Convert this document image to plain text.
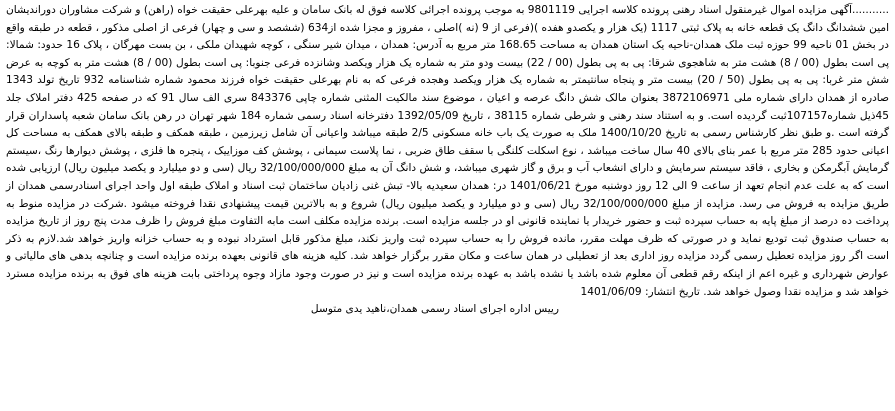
...........آگهی مزایده اموال غیرمنقول اسناد رهنی پرونده کلاسه اجرایی 9801119 به موجب پرونده اجرائی کلاسه فوق له بانک سامان و علیه بهرعلی حقیقت خواه (راهن) و شرکت مشاوران دوراندیشان امین ششدانگ دانگ یک قطعه خانه به پلاک ثبتی 1117 (یک هزار و یکصدو هفده )(فرعی از 9 (نه )اصلی ، مفروز و مجزا شده از634 (ششصد و سی و چهار) فرعی از اصلی مذکور ، قطعه در طبقه واقع در بخش 01 ناحیه 99 حوزه ثبت ملک همدان-ناحیه یک استان همدان به مساحت 168.65 متر مربع به آدرس: همدان ، میدان شیر سنگی ، کوچه شهیدان ملکی ، بن بست مهرگان ، پلاک 16 حدود: شمالا: پی است بطول (00 / 8) هشت متر به شاهجوی شرقا: پی به پی بطول (00 / 22) بیست ودو متر به شماره یک هزار ویکصد وشانزده فرعی جنوبا: پی است بطول (00 / 8) هشت متر به کوچه به عرض شش متر غربا: پی به پی بطول (50 / 20) بیست متر و پنجاه سانتیمتر به شماره یک هزار ویکصد وهجده فرعی که به نام بهرعلی حقیقت خواه فرزند محمود شماره شناسنامه 932 تاریخ تولد 1343 صادره از همدان دارای شماره ملی 3872106971 بعنوان مالک شش دانگ عرصه و اعیان ، موضوع سند مالکیت المثنی شماره چاپی 843376 سری الف سال 91 که در صفحه 425 دفتر املاک جلد 45ذیل شماره107157ثبت گردیده است. و به استناد سند رهنی و شرطی شماره 38115 ، تاریخ 1392/05/09 دفترخانه اسناد رسمی شماره 184 شهر تهران در رهن بانک سامان شعبه پاسداران قرار گرفته است .و طبق نظر کارشناس رسمی به تاریخ 1400/10/20 ملک به صورت یک باب خانه مسکونی 2/5 طبقه میباشد واعیانی آن شامل زیرزمین ، طبقه همکف و طبقه بالای همکف به مساحت کل اعیانی حدود 285 متر مربع با عمر بنای بالای 40 سال ساخت میباشد ، نوع اسکلت کلنگی با سقف طاق ضربی ، نما پلاست سیمانی ، پوشش کف موزاییک ، پنجره ها فلزی ، پوشش دیوارها رنگ ،سیستم گرمایش آبگرمکن و بخاری ، فاقد سیستم سرمایش و دارای انشعاب آب و برق و گاز شهری میباشد، و شش دانگ آن به مبلغ 32/100/000/000 ریال (سی و دو میلیارد و یکصد میلیون ریال) ارزیابی شده است که به علت عدم انجام تعهد از ساعت 9 الی 12 روز دوشنبه مورخ 1401/06/21 در: همدان سعیدیه بالا- تبش غنی زادیان ساختمان ثبت اسناد و املاک طبقه اول واحد اجرای اسنادرسمی همدان از طریق مزایده به فروش می رسد. مزایده از مبلغ 32/100/000/000 ریال (سی و دو میلیارد و یکصد میلیون ریال) شروع و به بالاترین قیمت پیشنهادی نقدا فروخته میشود .شرکت در مزایده منوط به پرداخت ده درصد از مبلغ پایه به حساب سپرده ثبت و حضور خریدار یا نماینده قانونی او در جلسه مزایده است. برنده مزایده مکلف است مابه التفاوت مبلغ فروش را ظرف مدت پنج روز از تاریخ مزایده به حساب صندوق ثبت تودیع نماید و در صورتی که ظرف مهلت مقرر، مانده فروش را به حساب سپرده ثبت واریز نکند، مبلغ مذکور قابل استرداد نبوده و به حساب خزانه واریز خواهد شد.لازم به ذکر است اگر روز مزایده تعطیل رسمی گردد مزایده روز اداری بعد از تعطیلی در همان ساعت و مکان مقرر برگزار خواهد شد. کلیه هزینه های قانونی بعهده برنده مزایده است و چنانچه بدهی های مالیاتی و عوارض شهرداری و غیره اعم از اینکه رقم قطعی آن معلوم شده باشد یا نشده باشد به عهده برنده مزایده است و نیز در صورت وجود مازاد وجوه پرداختی بابت هزینه های فوق به برنده مزایده مسترد خواهد شد و مزایده نقدا وصول خواهد شد. تاریخ انتشار: 1401/06/09

رییس اداره اجرای اسناد رسمی همدان،ناهید یدی متوسل
